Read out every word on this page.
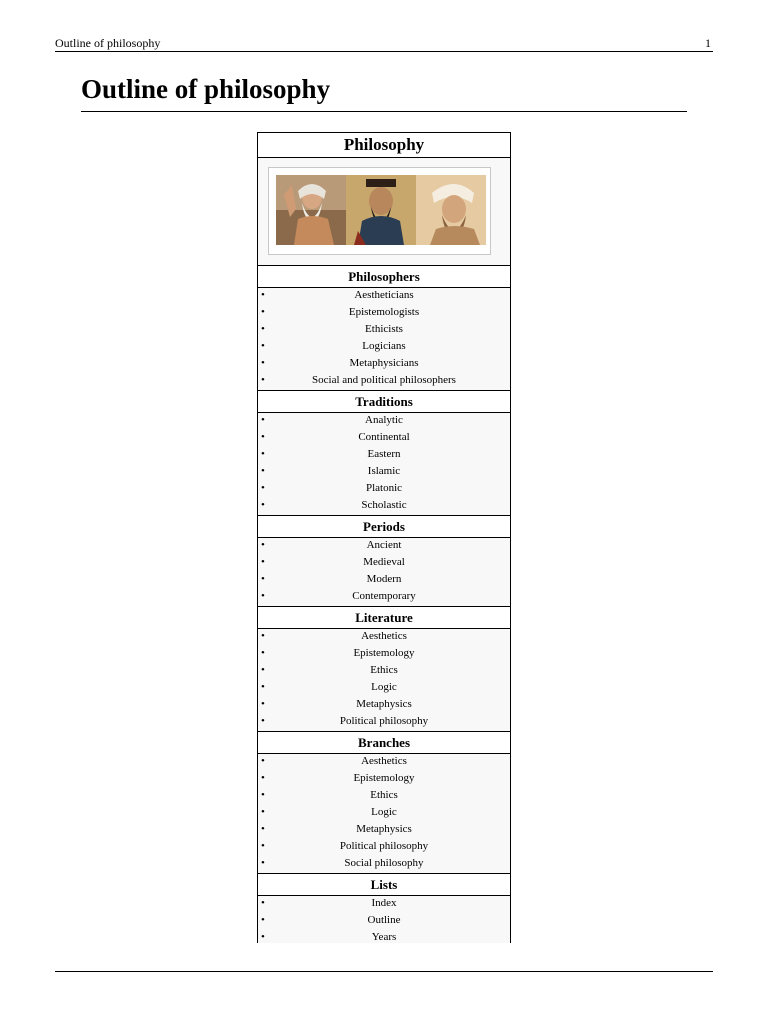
Outline of philosophy	1
Outline of philosophy
Philosophy
Philosophers
•	Aestheticians
•	Epistemologists
•	Ethicists
•	Logicians
•	Metaphysicians
•	Social and political philosophers
Traditions
•	Analytic
•	Continental
•	Eastern
•	Islamic
•	Platonic
•	Scholastic
Periods
•	Ancient
•	Medieval
•	Modern
•	Contemporary
Literature
•	Aesthetics
•	Epistemology
•	Ethics
•	Logic
•	Metaphysics
•	Political philosophy
Branches
•	Aesthetics
•	Epistemology
•	Ethics
•	Logic
•	Metaphysics
•	Political philosophy
•	Social philosophy
Lists
•	Index
•	Outline
•	Years
